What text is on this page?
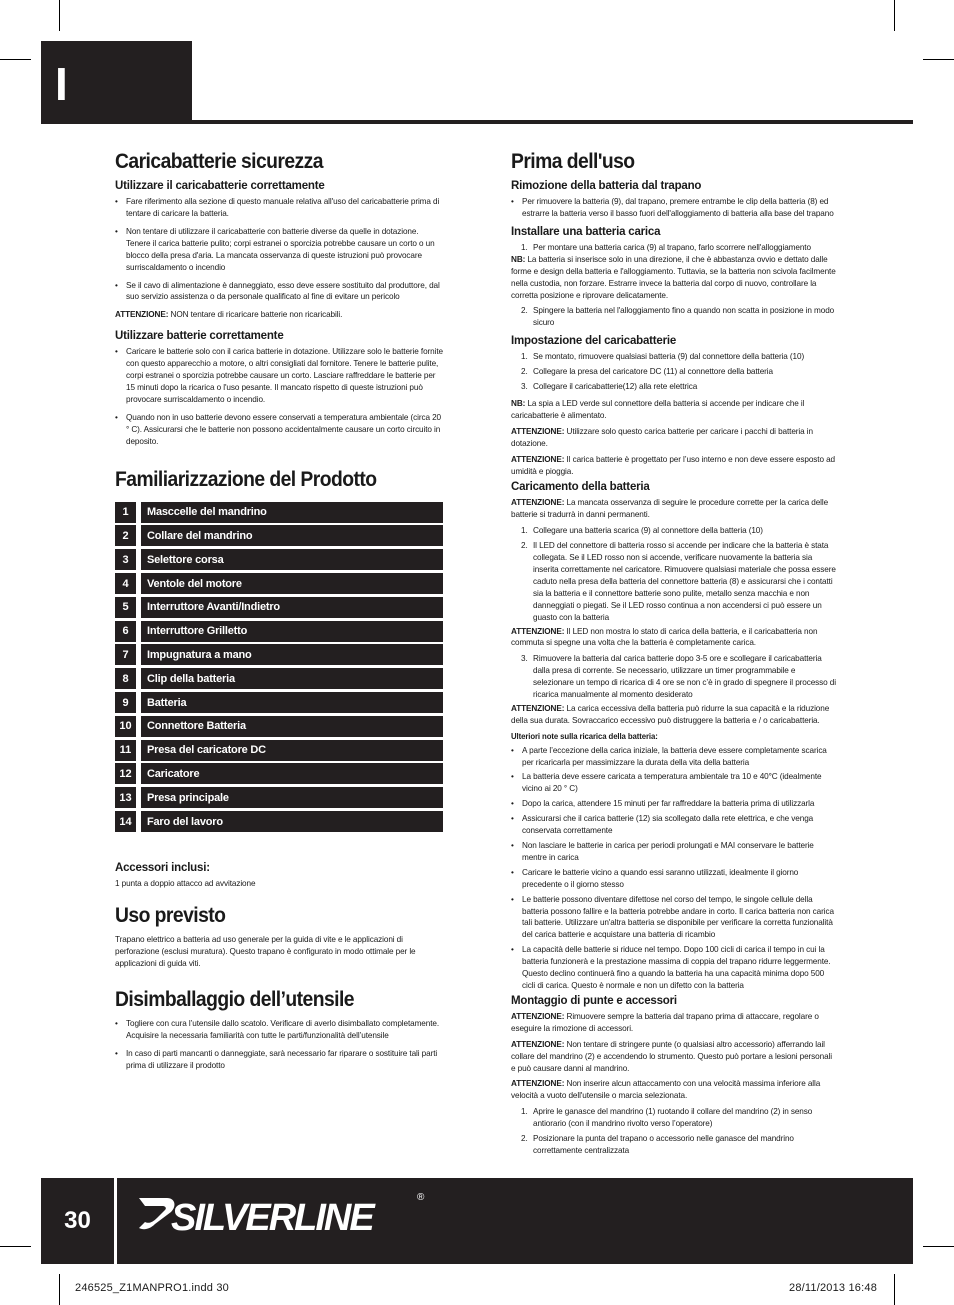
I
Caricabatterie sicurezza
Utilizzare il caricabatterie correttamente
• Fare riferimento alla sezione di questo manuale relativa all'uso del caricabatterie prima di tentare di caricare la batteria.
• Non tentare di utilizzare il caricabatterie con batterie diverse da quelle in dotazione. Tenere il carica batterie pulito; corpi estranei o sporcizia potrebbe causare un corto o un blocco della presa d'aria. La mancata osservanza di queste istruzioni può provocare surriscaldamento o incendio
• Se il cavo di alimentazione è danneggiato, esso deve essere sostituito dal produttore, dal suo servizio assistenza o da personale qualificato al fine di evitare un pericolo

ATTENZIONE: NON tentare di ricaricare batterie non ricaricabili.

Utilizzare batterie correttamente
• Caricare le batterie solo con il carica batterie in dotazione. Utilizzare solo le batterie fornite con questo apparecchio a motore, o altri consigliati dal fornitore. Tenere le batterie pulite, corpi estranei o sporcizia potrebbe causare un corto. Lasciare raffreddare le batterie per 15 minuti dopo la ricarica o l'uso pesante. Il mancato rispetto di queste istruzioni può provocare surriscaldamento o incendio.
• Quando non in uso batterie devono essere conservati a temperatura ambientale (circa 20 ° C). Assicurarsi che le batterie non possono accidentalmente causare un corto circuito in deposito.
Familiarizzazione del Prodotto
1	Masccelle del mandrino
2	Collare del mandrino
3	Selettore corsa
4	Ventole del motore
5	Interruttore Avanti/Indietro
6	Interruttore Grilletto
7	Impugnatura a mano
8	Clip della batteria
9	Batteria
10	Connettore Batteria
11	Presa del caricatore DC
12	Caricatore
13	Presa principale
14	Faro del lavoro
Accessori inclusi:

1 punta a doppio attacco ad avvitazione

Uso previsto

Trapano elettrico a batteria ad uso generale per la guida di vite e le applicazioni di perforazione (esclusi muratura). Questo trapano è configurato in modo ottimale per le applicazioni di guida viti.

Disimballaggio dell’utensile
• Togliere con cura l’utensile dallo scatolo. Verificare di averlo disimballato completamente. Acquisire la necessaria familiarità con tutte le parti/funzionalità dell’utensile
• In caso di parti mancanti o danneggiate, sarà necessario far riparare o sostituire tali parti prima di utilizzare il prodotto
Prima dell'uso
Rimozione della batteria dal trapano
• Per rimuovere la batteria (9), dal trapano, premere entrambe le clip della batteria (8) ed estrarre la batteria verso il basso fuori dell'alloggiamento di batteria alla base del trapano
Installare una batteria carica
1. Per montare una batteria carica (9) al trapano, farlo scorrere nell'alloggiamento

NB: La batteria si inserisce solo in una direzione, il che è abbastanza ovvio e dettato dalle forme e design della batteria e l'alloggiamento. Tuttavia, se la batteria non scivola facilmente nella custodia, non forzare. Estrarre invece la batteria dal corpo di nuovo, controllare la corretta posizione e riprovare delicatamente.

2. Spingere la batteria nel l'alloggiamento fino a quando non scatta in posizione in modo sicuro
Impostazione del caricabatterie
1. Se montato, rimuovere qualsiasi batteria (9) dal connettore della batteria (10)
2. Collegare la presa del caricatore DC (11) al connettore della batteria
3. Collegare il caricabatterie(12) alla rete elettrica

NB: La spia a LED verde sul connettore della batteria si accende per indicare che il caricabatterie è alimentato.

ATTENZIONE: Utilizzare solo questo carica batterie per caricare i pacchi di batteria in dotazione.

ATTENZIONE: Il carica batterie è progettato per l’uso interno e non deve essere esposto ad umidità e pioggia.

Caricamento della batteria

ATTENZIONE: La mancata osservanza di seguire le procedure corrette per la carica delle batterie si tradurrà in danni permanenti.

1. Collegare una batteria scarica (9) al connettore della batteria (10)
2. Il LED del connettore di batteria rosso si accende per indicare che la batteria è stata collegata. Se il LED rosso non si accende, verificare nuovamente la batteria sia inserita correttamente nel caricatore. Rimuovere qualsiasi materiale che possa essere caduto nella presa della batteria del connettore batteria (8) e assicurarsi che i contatti sia la batteria e il connettore batterie sono pulite, metallo senza macchia e non danneggiati o piegati. Se il LED rosso continua a non accendersi ci può essere un guasto con la batteria

ATTENZIONE: Il LED non mostra lo stato di carica della batteria, e il caricabatteria non commuta si spegne una volta che la batteria è completamente carica.

3. Rimuovere la batteria dal carica batterie dopo 3-5 ore e scollegare il caricabatteria dalla presa di corrente. Se necessario, utilizzare un timer programmabile e selezionare un tempo di ricarica di 4 ore se non c’è in grado di spegnere il processo di ricarica manualmente al momento desiderato

ATTENZIONE: La carica eccessiva della batteria può ridurre la sua capacità e la riduzione della sua durata. Sovraccarico eccessivo può distruggere la batteria e / o caricabatteria.

Ulteriori note sulla ricarica della batteria:

• A parte l’eccezione della carica iniziale, la batteria deve essere completamente scarica per ricaricarla per massimizzare la durata della vita della batteria
• La batteria deve essere caricata a temperatura ambientale tra 10 e 40°C (idealmente vicino ai 20 ° C)
• Dopo la carica, attendere 15 minuti per far raffreddare la batteria prima di utilizzarla
• Assicurarsi che il carica batterie (12) sia scollegato dalla rete elettrica, e che venga conservata correttamente
• Non lasciare le batterie in carica per periodi prolungati e MAI conservare le batterie mentre in carica
• Caricare le batterie vicino a quando essi saranno utilizzati, idealmente il giorno precedente o il giorno stesso
• Le batterie possono diventare difettose nel corso del tempo, le singole cellule della batteria possono fallire e la batteria potrebbe andare in corto. Il carica batteria non carica tali batterie. Utilizzare un'altra batteria se disponibile per verificare la corretta funzionalità del carica batterie e acquistare una batteria di ricambio
• La capacità delle batterie si riduce nel tempo. Dopo 100 cicli di carica il tempo in cui la batteria funzionerà e la prestazione massima di coppia del trapano ridurre leggermente. Questo declino continuerà fino a quando la batteria ha una capacità minima dopo 500 cicli di carica. Questo è normale e non un difetto con la batteria
Montaggio di punte e accessori

ATTENZIONE: Rimuovere sempre la batteria dal trapano prima di attaccare, regolare o eseguire la rimozione di accessori.

ATTENZIONE: Non tentare di stringere punte (o qualsiasi altro accessorio) afferrando lail collare del mandrino (2) e accendendo lo strumento. Questo può portare a lesioni personali e può causare danni al mandrino.

ATTENZIONE: Non inserire alcun attaccamento con una velocità massima inferiore alla velocità a vuoto dell'utensile o marcia selezionata.

1. Aprire le ganasce del mandrino (1) ruotando il collare del mandrino (2) in senso antiorario (con il mandrino rivolto verso l’operatore)
2. Posizionare la punta del trapano o accessorio nelle ganasce del mandrino correttamente centralizzata
30	SILVERLINE	®
246525_Z1MANPRO1.indd 30	28/11/2013 16:48
